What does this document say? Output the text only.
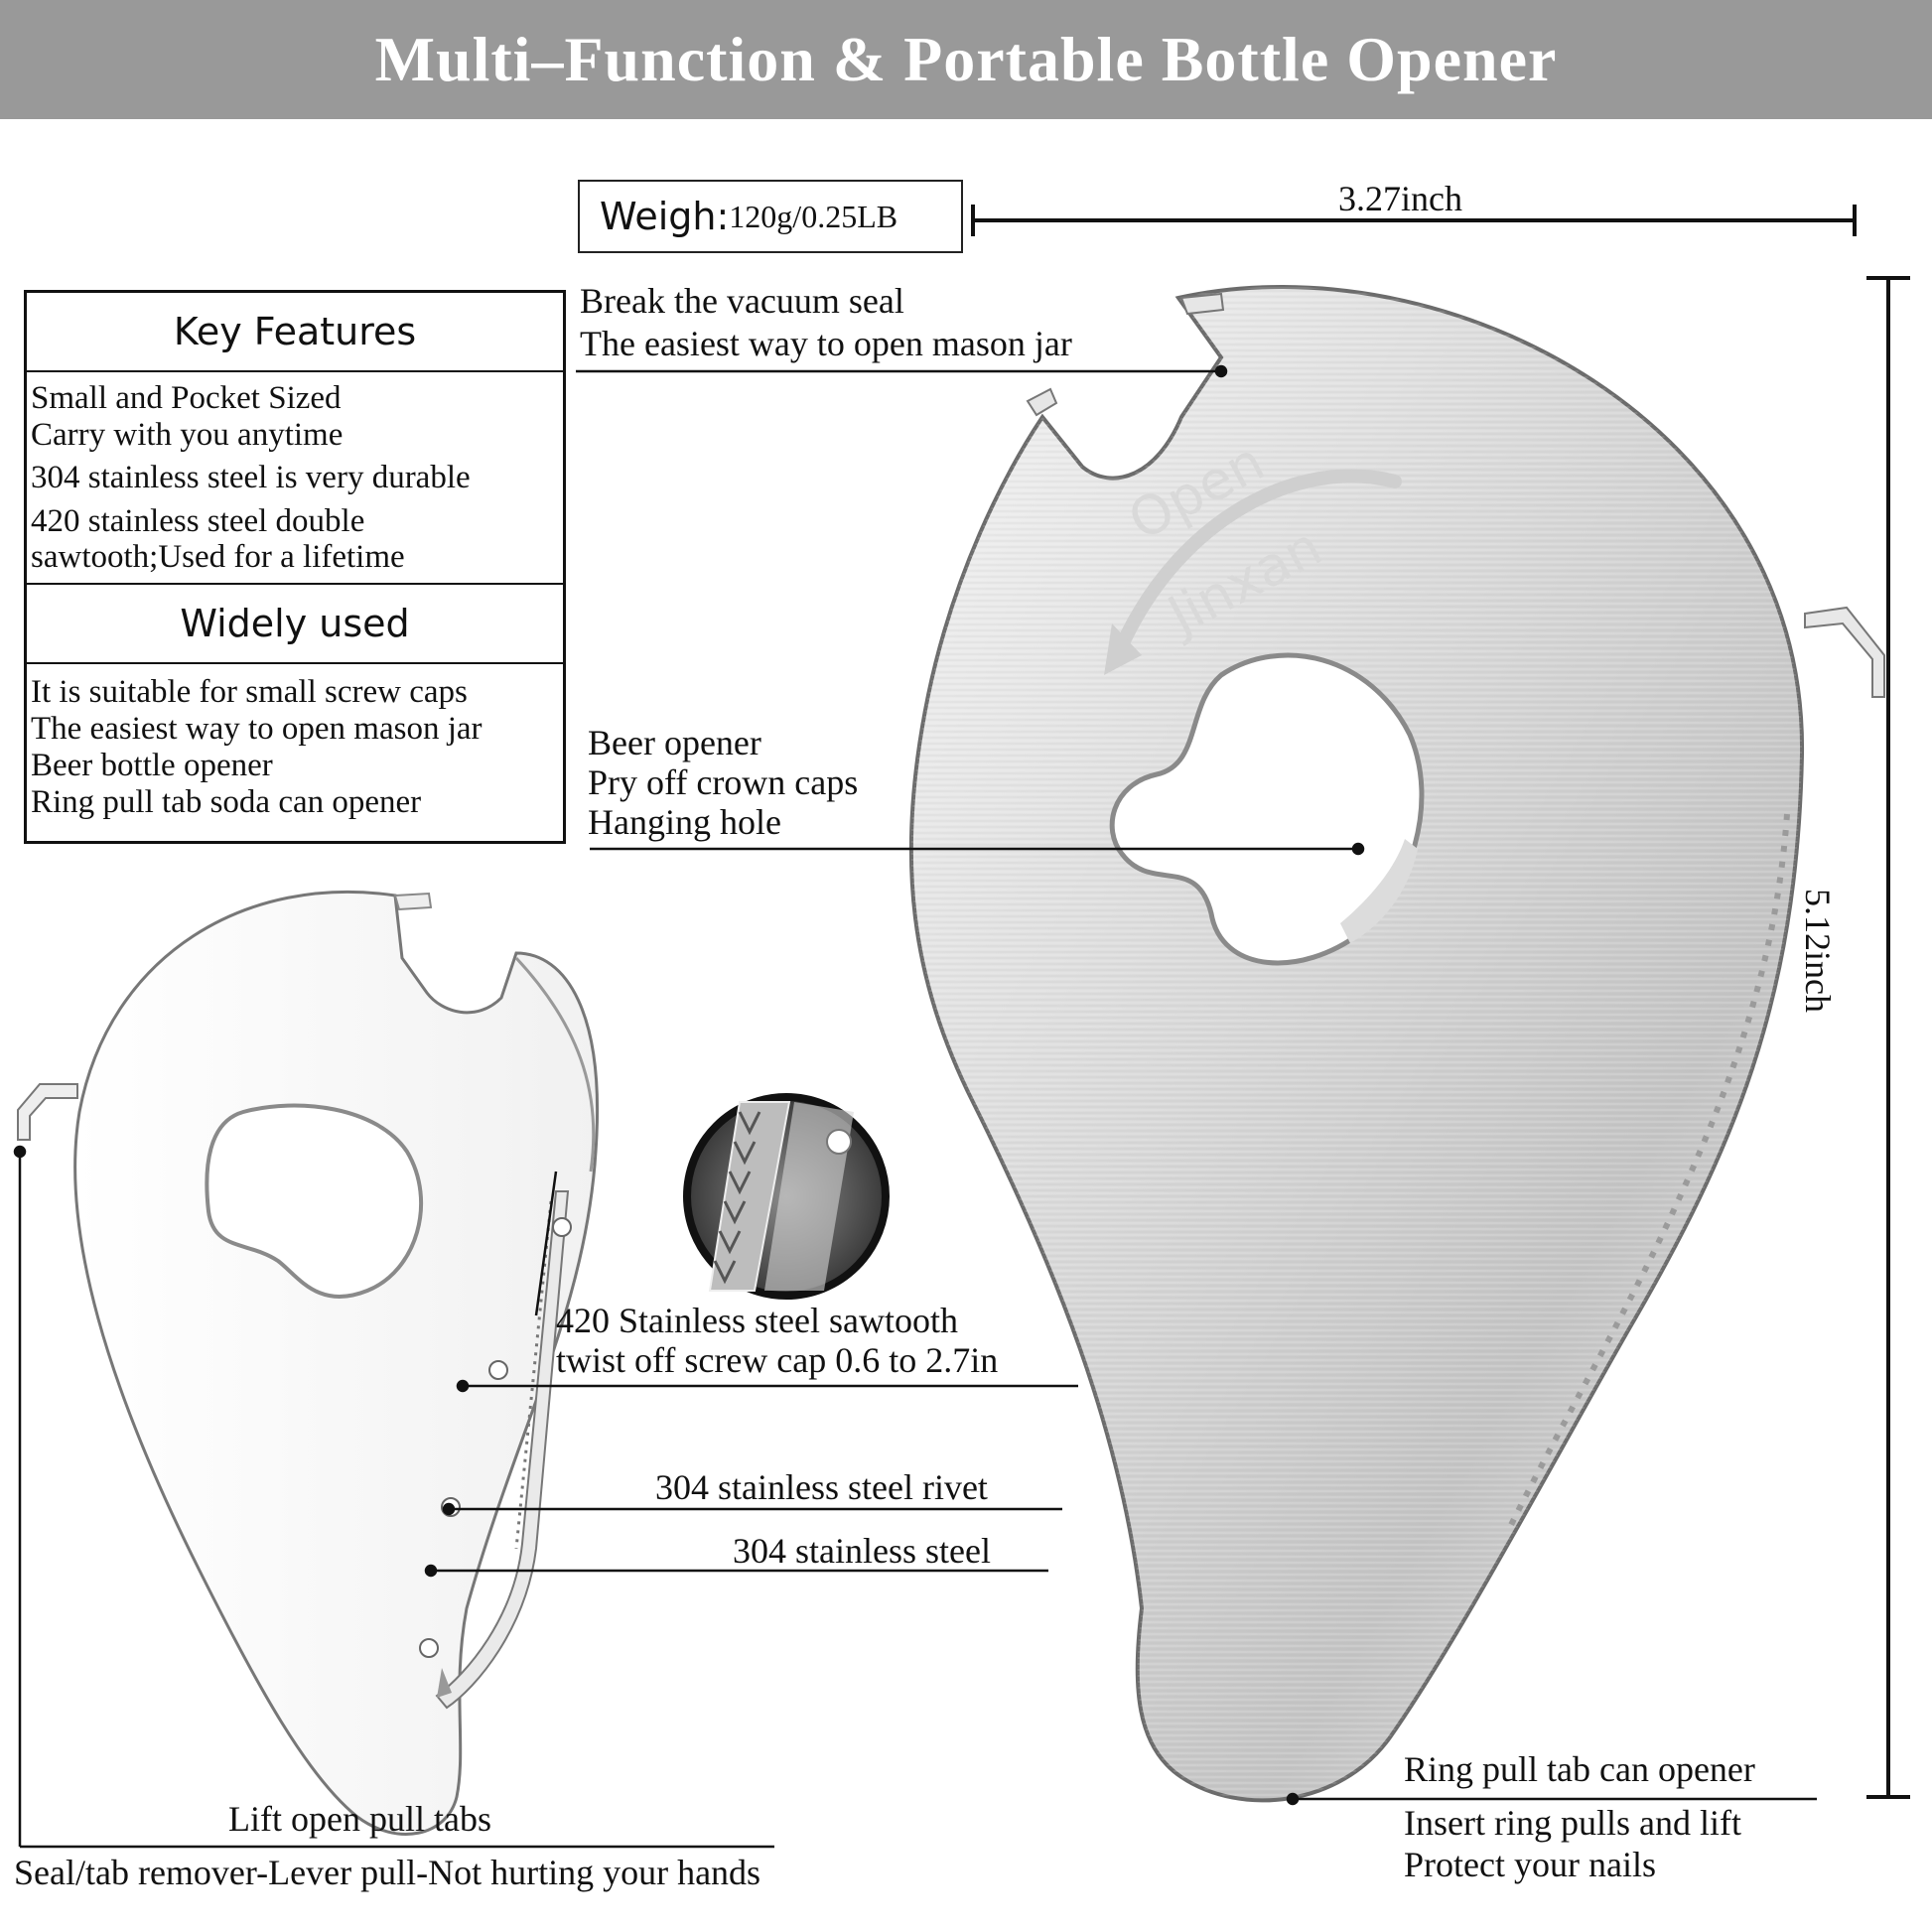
Multi–Function & Portable Bottle Opener
Open
Jinxan
Weigh: 120g/0.25LB	3.27inch
5.12inch
Key Features
Small and Pocket Sized
Carry with you anytime
304 stainless steel is very durable
420 stainless steel double
sawtooth;Used for a lifetime
Widely used
It is suitable for small screw caps
The easiest way to open mason jar
Beer bottle opener
Ring pull tab soda can opener
Break the vacuum seal
The easiest way to open mason jar
Beer opener
Pry off crown caps
Hanging hole
420 Stainless steel sawtooth
twist off screw cap 0.6 to 2.7in
304 stainless steel rivet
304 stainless steel
Lift open pull tabs
Seal/tab remover-Lever pull-Not hurting your hands
Ring pull tab can opener
Insert ring pulls and lift
Protect your nails
